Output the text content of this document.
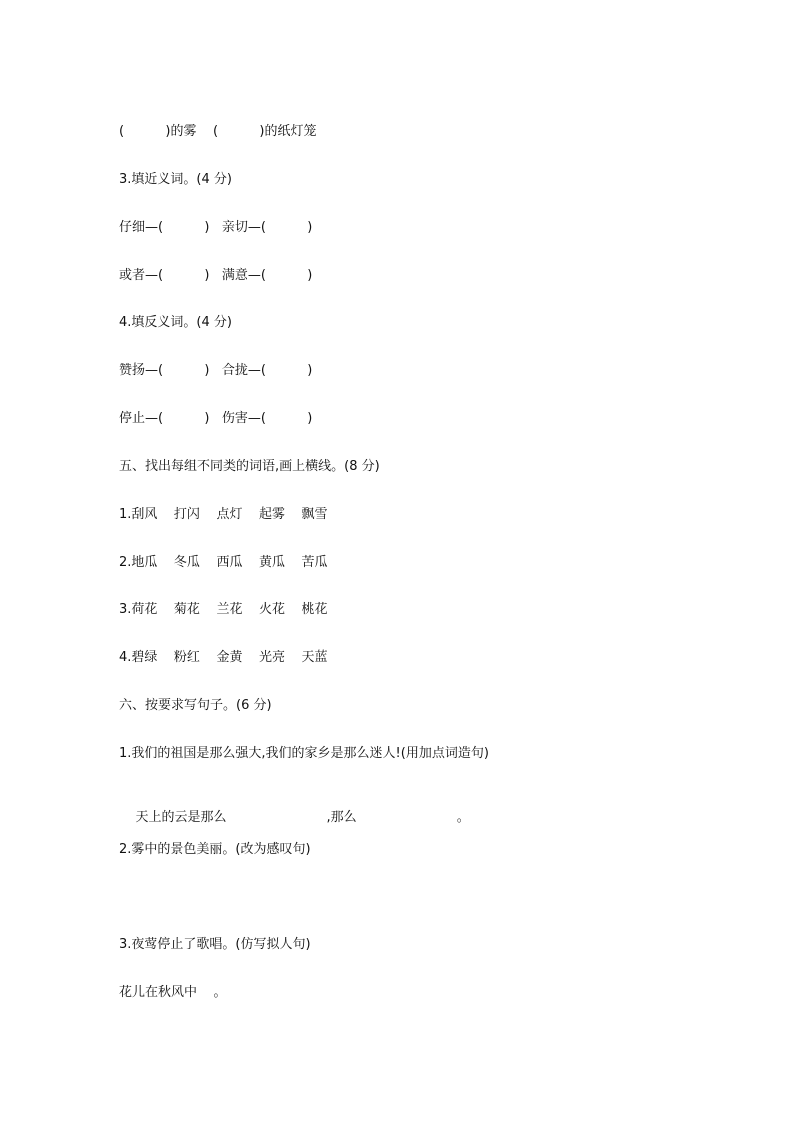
(          )的雾    (          )的纸灯笼
3.填近义词。(4 分)
仔细—(          )   亲切—(          )
或者—(          )   满意—(          )
4.填反义词。(4 分)
赞扬—(          )   合拢—(          )
停止—(          )   伤害—(          )
五、找出每组不同类的词语,画上横线。(8 分)
1.刮风    打闪    点灯    起雾    飘雪
2.地瓜    冬瓜    西瓜    黄瓜    苦瓜
3.荷花    菊花    兰花    火花    桃花
4.碧绿    粉红    金黄    光亮    天蓝
六、按要求写句子。(6 分)
1.我们的祖国是那么强大,我们的家乡是那么迷人!(用加点词造句)

天上的云是那么	,那么	。

2.雾中的景色美丽。(改为感叹句)
3.夜莺停止了歌唱。(仿写拟人句)
花儿在秋风中    。
